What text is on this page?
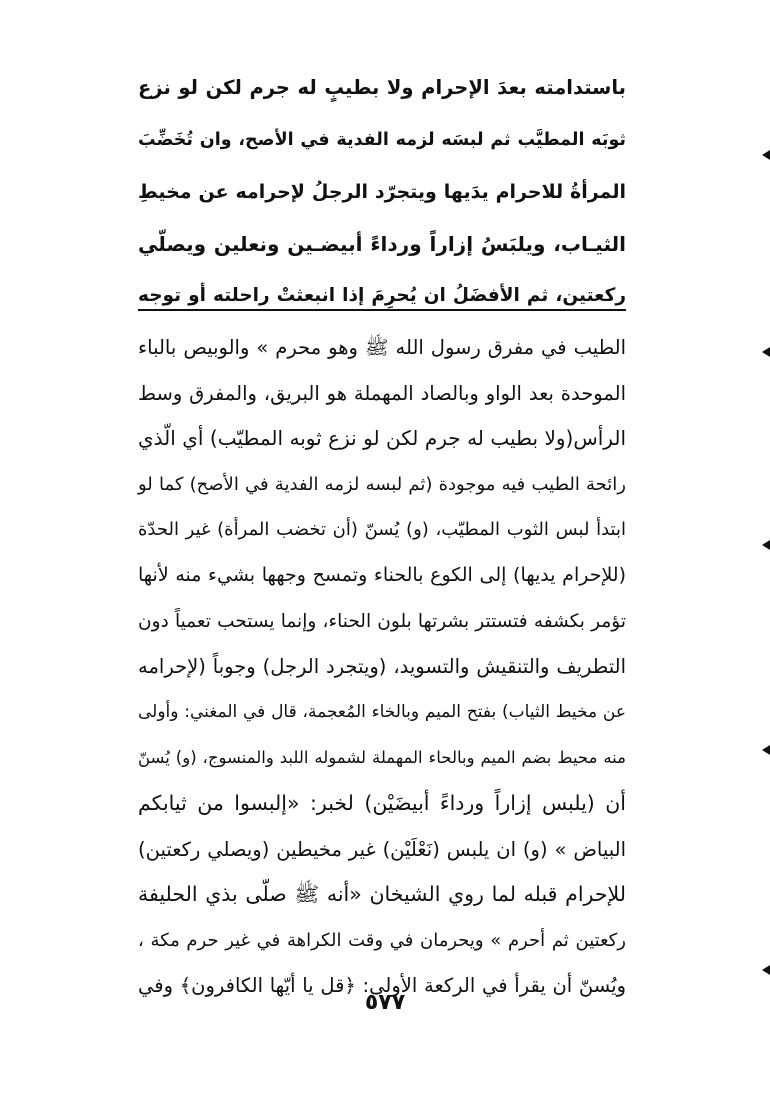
باستدامته بعدَ الإحرام ولا بطيبٍ له جرم لكن لو نزع
ثوبَه المطيَّب ثم لبسَه لزمه الفدية في الأصح، وان تُخَضِّبَ
المرأةُ للاحرام يدَيها ويتجرّد الرجلُ لإحرامه عن مخيطِ
الثيـاب، ويلبَسُ إزاراً ورداءً أبيضـين ونعلين ويصلّي
ركعتين، ثم الأفضَلُ ان يُحرِمَ إذا انبعثتْ راحلته أو توجه
الطيب في مفرق رسول الله ﷺ وهو محرم » والوبيص بالباء
الموحدة بعد الواو وبالصاد المهملة هو البريق، والمفرق وسط
الرأس(ولا بطيب له جرم لكن لو نزع ثوبه المطيّب) أي الّذي
رائحة الطيب فيه موجودة (ثم لبسه لزمه الفدية في الأصح) كما لو
ابتدأ لبس الثوب المطيّب، (و) يُسنّ (أن تخضب المرأة) غير الحدّة
(للإحرام يديها) إلى الكوع بالحناء وتمسح وجهها بشيء منه لأنها
تؤمر بكشفه فتستتر بشرتها بلون الحناء، وإنما يستحب تعمياً دون
التطريف والتنقيش والتسويد، (ويتجرد الرجل) وجوباً (لإحرامه
عن مخيط الثياب) بفتح الميم وبالخاء المُعجمة، قال في المغني: وأولى
منه محيط بضم الميم وبالحاء المهملة لشموله اللبد والمنسوج، (و) يُسنّ
أن (يلبس إزاراً ورداءً أبيضَيْن) لخبر: «إلبسوا من ثيابكم
البياض » (و) ان يلبس (نَعْلَيْن) غير مخيطين (ويصلي ركعتين)
للإحرام قبله لما روي الشيخان «أنه ﷺ صلّى بذي الحليفة
ركعتين ثم أحرم » ويحرمان في وقت الكراهة في غير حرم مكة ،
ويُسنّ أن يقرأ في الركعة الأولى: ﴿قل يا أيّها الكافرون﴾ وفي
٥٧٧
